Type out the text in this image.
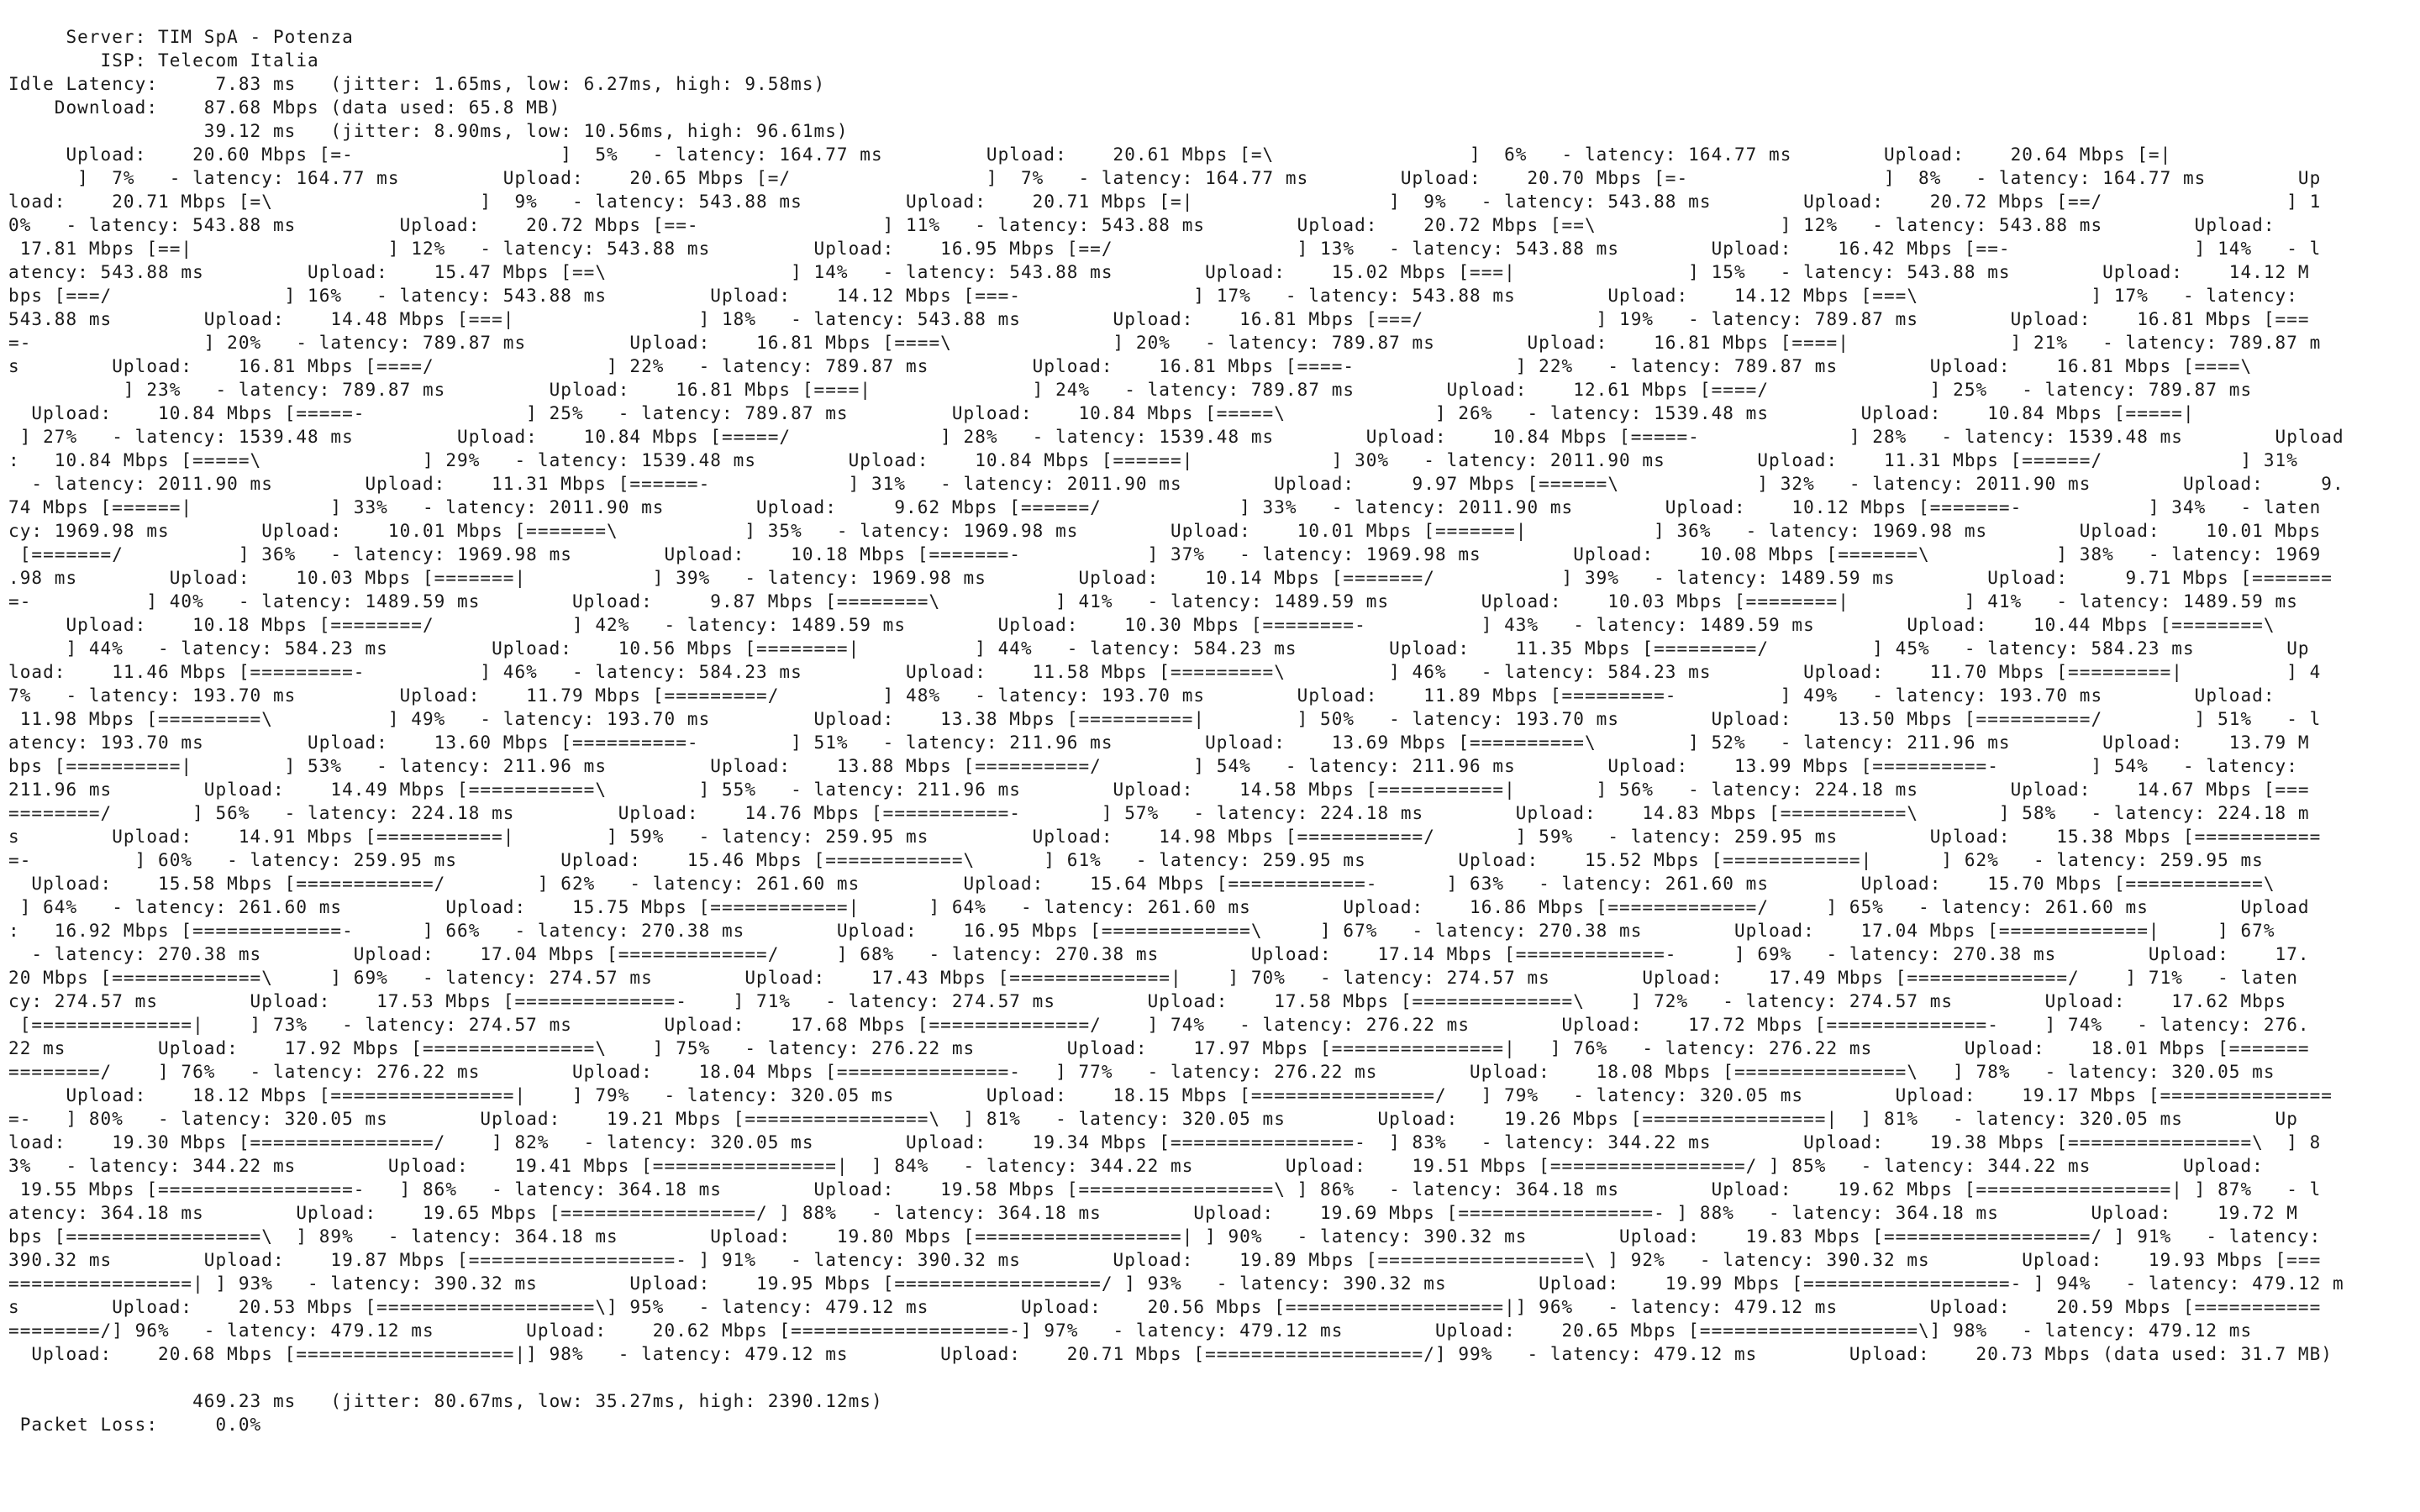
Server: TIM SpA - Potenza
ISP: Telecom Italia
Idle Latency:     7.83 ms   (jitter: 1.65ms, low: 6.27ms, high: 9.58ms)
Download:    87.68 Mbps (data used: 65.8 MB)
39.12 ms   (jitter: 8.90ms, low: 10.56ms, high: 96.61ms)
Upload:    20.60 Mbps [=-                  ]  5%   - latency: 164.77 ms         Upload:    20.61 Mbps [=\                 ]  6%   - latency: 164.77 ms        Upload:    20.64 Mbps [=|
]  7%   - latency: 164.77 ms         Upload:    20.65 Mbps [=/                 ]  7%   - latency: 164.77 ms        Upload:    20.70 Mbps [=-                 ]  8%   - latency: 164.77 ms        Up
load:    20.71 Mbps [=\                  ]  9%   - latency: 543.88 ms         Upload:    20.71 Mbps [=|                 ]  9%   - latency: 543.88 ms        Upload:    20.72 Mbps [==/                ] 1
0%   - latency: 543.88 ms         Upload:    20.72 Mbps [==-                ] 11%   - latency: 543.88 ms        Upload:    20.72 Mbps [==\                ] 12%   - latency: 543.88 ms        Upload:
17.81 Mbps [==|                 ] 12%   - latency: 543.88 ms         Upload:    16.95 Mbps [==/                ] 13%   - latency: 543.88 ms        Upload:    16.42 Mbps [==-                ] 14%   - l
atency: 543.88 ms         Upload:    15.47 Mbps [==\                ] 14%   - latency: 543.88 ms        Upload:    15.02 Mbps [===|               ] 15%   - latency: 543.88 ms        Upload:    14.12 M
bps [===/               ] 16%   - latency: 543.88 ms         Upload:    14.12 Mbps [===-               ] 17%   - latency: 543.88 ms        Upload:    14.12 Mbps [===\               ] 17%   - latency:
543.88 ms        Upload:    14.48 Mbps [===|                ] 18%   - latency: 543.88 ms        Upload:    16.81 Mbps [===/               ] 19%   - latency: 789.87 ms        Upload:    16.81 Mbps [===
=-               ] 20%   - latency: 789.87 ms         Upload:    16.81 Mbps [====\              ] 20%   - latency: 789.87 ms        Upload:    16.81 Mbps [====|              ] 21%   - latency: 789.87 m
s        Upload:    16.81 Mbps [====/               ] 22%   - latency: 789.87 ms         Upload:    16.81 Mbps [====-              ] 22%   - latency: 789.87 ms        Upload:    16.81 Mbps [====\
] 23%   - latency: 789.87 ms         Upload:    16.81 Mbps [====|              ] 24%   - latency: 789.87 ms        Upload:    12.61 Mbps [====/              ] 25%   - latency: 789.87 ms
Upload:    10.84 Mbps [=====-              ] 25%   - latency: 789.87 ms         Upload:    10.84 Mbps [=====\             ] 26%   - latency: 1539.48 ms        Upload:    10.84 Mbps [=====|
] 27%   - latency: 1539.48 ms         Upload:    10.84 Mbps [=====/             ] 28%   - latency: 1539.48 ms        Upload:    10.84 Mbps [=====-             ] 28%   - latency: 1539.48 ms        Upload
:   10.84 Mbps [=====\              ] 29%   - latency: 1539.48 ms        Upload:    10.84 Mbps [======|            ] 30%   - latency: 2011.90 ms        Upload:    11.31 Mbps [======/            ] 31%
- latency: 2011.90 ms        Upload:    11.31 Mbps [======-            ] 31%   - latency: 2011.90 ms        Upload:     9.97 Mbps [======\            ] 32%   - latency: 2011.90 ms        Upload:     9.
74 Mbps [======|            ] 33%   - latency: 2011.90 ms        Upload:     9.62 Mbps [======/            ] 33%   - latency: 2011.90 ms        Upload:    10.12 Mbps [=======-           ] 34%   - laten
cy: 1969.98 ms        Upload:    10.01 Mbps [=======\           ] 35%   - latency: 1969.98 ms        Upload:    10.01 Mbps [=======|           ] 36%   - latency: 1969.98 ms        Upload:    10.01 Mbps
[=======/          ] 36%   - latency: 1969.98 ms        Upload:    10.18 Mbps [=======-           ] 37%   - latency: 1969.98 ms        Upload:    10.08 Mbps [=======\           ] 38%   - latency: 1969
.98 ms        Upload:    10.03 Mbps [=======|           ] 39%   - latency: 1969.98 ms        Upload:    10.14 Mbps [=======/           ] 39%   - latency: 1489.59 ms        Upload:     9.71 Mbps [=======
=-          ] 40%   - latency: 1489.59 ms        Upload:     9.87 Mbps [========\          ] 41%   - latency: 1489.59 ms        Upload:    10.03 Mbps [========|          ] 41%   - latency: 1489.59 ms
Upload:    10.18 Mbps [========/            ] 42%   - latency: 1489.59 ms        Upload:    10.30 Mbps [========-          ] 43%   - latency: 1489.59 ms        Upload:    10.44 Mbps [========\
] 44%   - latency: 584.23 ms         Upload:    10.56 Mbps [========|          ] 44%   - latency: 584.23 ms        Upload:    11.35 Mbps [=========/         ] 45%   - latency: 584.23 ms        Up
load:    11.46 Mbps [=========-          ] 46%   - latency: 584.23 ms         Upload:    11.58 Mbps [=========\         ] 46%   - latency: 584.23 ms        Upload:    11.70 Mbps [=========|         ] 4
7%   - latency: 193.70 ms         Upload:    11.79 Mbps [=========/         ] 48%   - latency: 193.70 ms        Upload:    11.89 Mbps [=========-         ] 49%   - latency: 193.70 ms        Upload:
11.98 Mbps [=========\          ] 49%   - latency: 193.70 ms         Upload:    13.38 Mbps [==========|        ] 50%   - latency: 193.70 ms        Upload:    13.50 Mbps [==========/        ] 51%   - l
atency: 193.70 ms         Upload:    13.60 Mbps [==========-        ] 51%   - latency: 211.96 ms        Upload:    13.69 Mbps [==========\        ] 52%   - latency: 211.96 ms        Upload:    13.79 M
bps [==========|        ] 53%   - latency: 211.96 ms         Upload:    13.88 Mbps [==========/        ] 54%   - latency: 211.96 ms        Upload:    13.99 Mbps [==========-        ] 54%   - latency:
211.96 ms        Upload:    14.49 Mbps [===========\        ] 55%   - latency: 211.96 ms        Upload:    14.58 Mbps [===========|       ] 56%   - latency: 224.18 ms        Upload:    14.67 Mbps [===
========/       ] 56%   - latency: 224.18 ms         Upload:    14.76 Mbps [===========-       ] 57%   - latency: 224.18 ms        Upload:    14.83 Mbps [===========\       ] 58%   - latency: 224.18 m
s        Upload:    14.91 Mbps [===========|        ] 59%   - latency: 259.95 ms         Upload:    14.98 Mbps [===========/       ] 59%   - latency: 259.95 ms        Upload:    15.38 Mbps [===========
=-         ] 60%   - latency: 259.95 ms         Upload:    15.46 Mbps [============\      ] 61%   - latency: 259.95 ms        Upload:    15.52 Mbps [============|      ] 62%   - latency: 259.95 ms
Upload:    15.58 Mbps [============/        ] 62%   - latency: 261.60 ms         Upload:    15.64 Mbps [============-      ] 63%   - latency: 261.60 ms        Upload:    15.70 Mbps [============\
] 64%   - latency: 261.60 ms         Upload:    15.75 Mbps [============|      ] 64%   - latency: 261.60 ms        Upload:    16.86 Mbps [=============/     ] 65%   - latency: 261.60 ms        Upload
:   16.92 Mbps [=============-      ] 66%   - latency: 270.38 ms        Upload:    16.95 Mbps [=============\     ] 67%   - latency: 270.38 ms        Upload:    17.04 Mbps [=============|     ] 67%
- latency: 270.38 ms        Upload:    17.04 Mbps [=============/     ] 68%   - latency: 270.38 ms        Upload:    17.14 Mbps [=============-     ] 69%   - latency: 270.38 ms        Upload:    17.
20 Mbps [=============\     ] 69%   - latency: 274.57 ms        Upload:    17.43 Mbps [==============|    ] 70%   - latency: 274.57 ms        Upload:    17.49 Mbps [==============/    ] 71%   - laten
cy: 274.57 ms        Upload:    17.53 Mbps [==============-    ] 71%   - latency: 274.57 ms        Upload:    17.58 Mbps [==============\    ] 72%   - latency: 274.57 ms        Upload:    17.62 Mbps
[==============|    ] 73%   - latency: 274.57 ms        Upload:    17.68 Mbps [==============/    ] 74%   - latency: 276.22 ms        Upload:    17.72 Mbps [==============-    ] 74%   - latency: 276.
22 ms        Upload:    17.92 Mbps [===============\    ] 75%   - latency: 276.22 ms        Upload:    17.97 Mbps [===============|   ] 76%   - latency: 276.22 ms        Upload:    18.01 Mbps [=======
========/    ] 76%   - latency: 276.22 ms        Upload:    18.04 Mbps [===============-   ] 77%   - latency: 276.22 ms        Upload:    18.08 Mbps [===============\   ] 78%   - latency: 320.05 ms
Upload:    18.12 Mbps [================|    ] 79%   - latency: 320.05 ms        Upload:    18.15 Mbps [================/   ] 79%   - latency: 320.05 ms        Upload:    19.17 Mbps [===============
=-   ] 80%   - latency: 320.05 ms        Upload:    19.21 Mbps [================\  ] 81%   - latency: 320.05 ms        Upload:    19.26 Mbps [================|  ] 81%   - latency: 320.05 ms        Up
load:    19.30 Mbps [================/    ] 82%   - latency: 320.05 ms        Upload:    19.34 Mbps [================-  ] 83%   - latency: 344.22 ms        Upload:    19.38 Mbps [================\  ] 8
3%   - latency: 344.22 ms        Upload:    19.41 Mbps [================|  ] 84%   - latency: 344.22 ms        Upload:    19.51 Mbps [=================/ ] 85%   - latency: 344.22 ms        Upload:
19.55 Mbps [=================-   ] 86%   - latency: 364.18 ms        Upload:    19.58 Mbps [=================\ ] 86%   - latency: 364.18 ms        Upload:    19.62 Mbps [=================| ] 87%   - l
atency: 364.18 ms        Upload:    19.65 Mbps [=================/ ] 88%   - latency: 364.18 ms        Upload:    19.69 Mbps [=================- ] 88%   - latency: 364.18 ms        Upload:    19.72 M
bps [=================\  ] 89%   - latency: 364.18 ms        Upload:    19.80 Mbps [==================| ] 90%   - latency: 390.32 ms        Upload:    19.83 Mbps [==================/ ] 91%   - latency:
390.32 ms        Upload:    19.87 Mbps [==================- ] 91%   - latency: 390.32 ms        Upload:    19.89 Mbps [==================\ ] 92%   - latency: 390.32 ms        Upload:    19.93 Mbps [===
================| ] 93%   - latency: 390.32 ms        Upload:    19.95 Mbps [==================/ ] 93%   - latency: 390.32 ms        Upload:    19.99 Mbps [==================- ] 94%   - latency: 479.12 m
s        Upload:    20.53 Mbps [===================\] 95%   - latency: 479.12 ms        Upload:    20.56 Mbps [===================|] 96%   - latency: 479.12 ms        Upload:    20.59 Mbps [===========
========/] 96%   - latency: 479.12 ms        Upload:    20.62 Mbps [===================-] 97%   - latency: 479.12 ms        Upload:    20.65 Mbps [===================\] 98%   - latency: 479.12 ms
Upload:    20.68 Mbps [===================|] 98%   - latency: 479.12 ms        Upload:    20.71 Mbps [===================/] 99%   - latency: 479.12 ms        Upload:    20.73 Mbps (data used: 31.7 MB)
469.23 ms   (jitter: 80.67ms, low: 35.27ms, high: 2390.12ms)
Packet Loss:     0.0%
